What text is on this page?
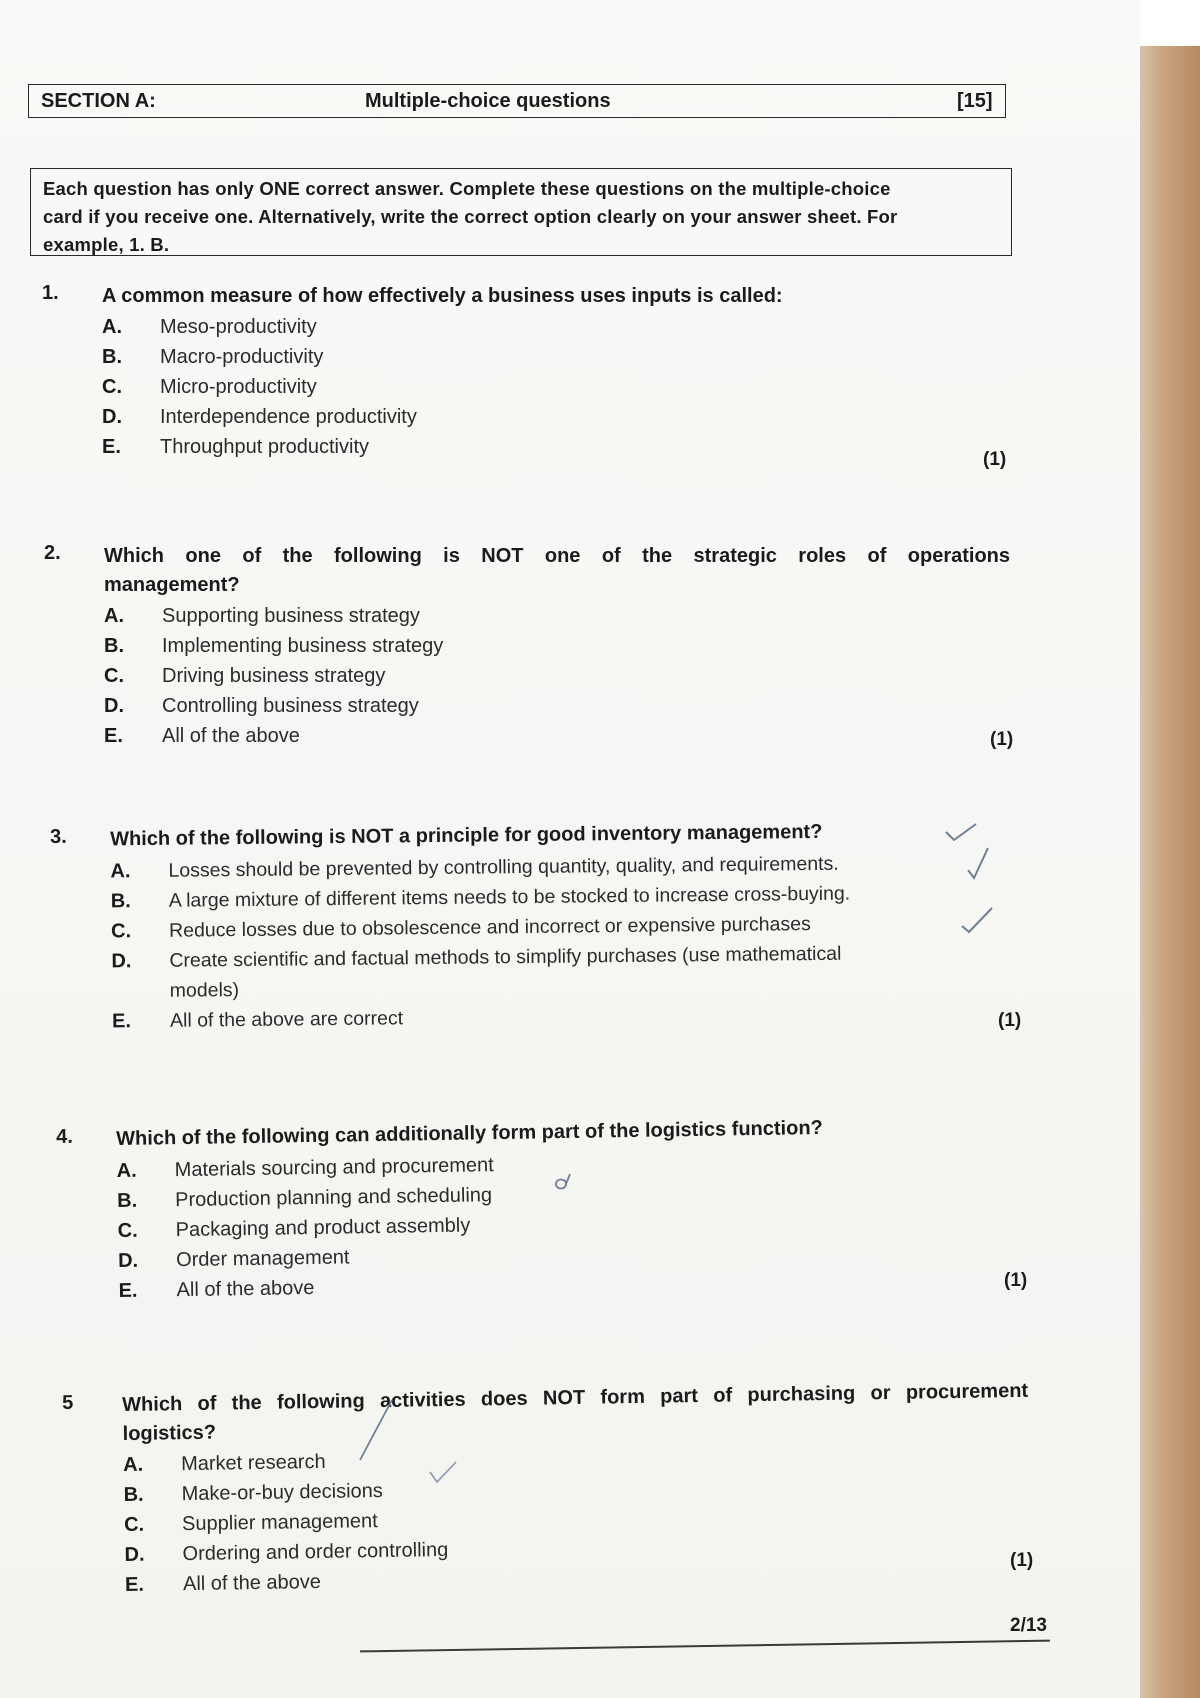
SECTION A:	Multiple-choice questions	[15]
Each question has only ONE correct answer. Complete these questions on the multiple-choice
card if you receive one. Alternatively, write the correct option clearly on your answer sheet. For
example, 1. B.
1. A common measure of how effectively a business uses inputs is called:
A. Meso-productivity
B. Macro-productivity
C. Micro-productivity
D. Interdependence productivity
E. Throughput productivity
(1)
2. Which one of the following is NOT one of the strategic roles of operations
management?
A. Supporting business strategy
B. Implementing business strategy
C. Driving business strategy
D. Controlling business strategy
E. All of the above	(1)
3. Which of the following is NOT a principle for good inventory management?
A. Losses should be prevented by controlling quantity, quality, and requirements.
B. A large mixture of different items needs to be stocked to increase cross-buying.
C. Reduce losses due to obsolescence and incorrect or expensive purchases
D. Create scientific and factual methods to simplify purchases (use mathematical
models)
E. All of the above are correct	(1)
4. Which of the following can additionally form part of the logistics function?
A. Materials sourcing and procurement
B. Production planning and scheduling
C. Packaging and product assembly
D. Order management
E. All of the above	(1)
5 Which of the following activities does NOT form part of purchasing or procurement
logistics?
A. Market research
B. Make-or-buy decisions
C. Supplier management
D. Ordering and order controlling
E. All of the above
(1)
2/13
